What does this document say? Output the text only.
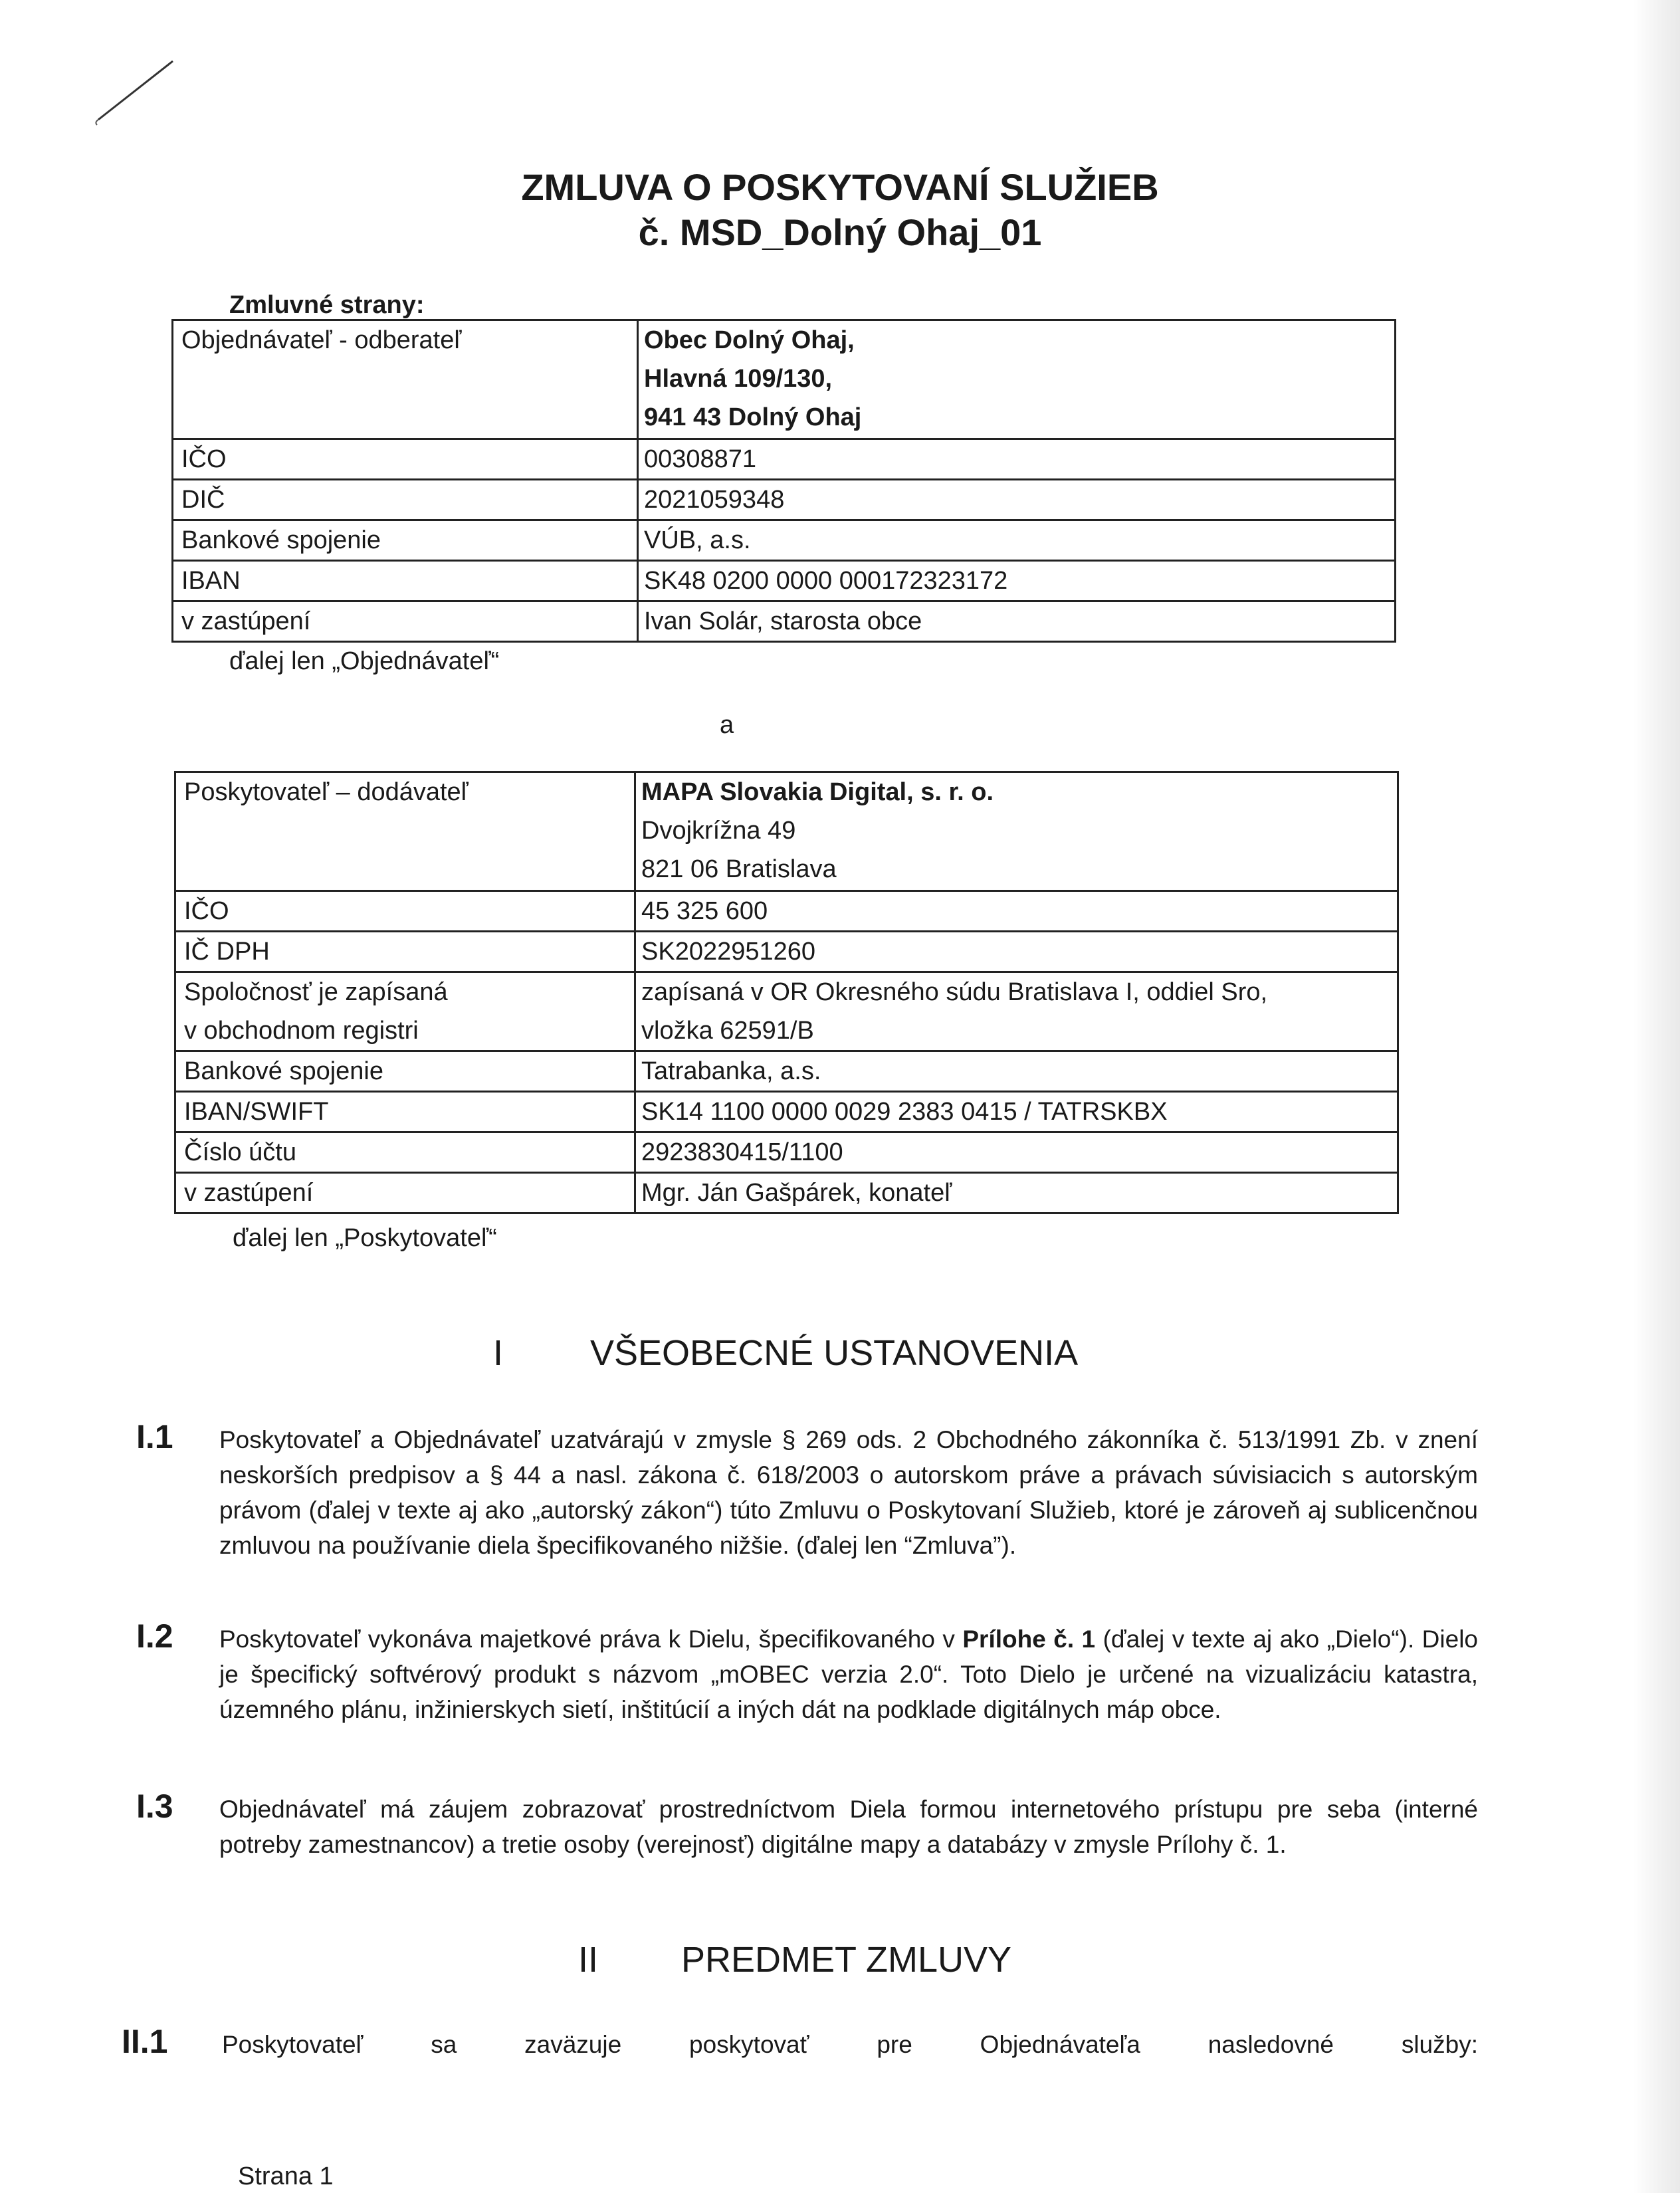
ZMLUVA O POSKYTOVANÍ SLUŽIEB
č. MSD_Dolný Ohaj_01
Zmluvné strany:
Objednávateľ - odberateľ	Obec Dolný Ohaj,
Hlavná 109/130,
941 43 Dolný Ohaj

IČO	00308871
DIČ	2021059348
Bankové spojenie	VÚB, a.s.
IBAN	SK48 0200 0000 000172323172
v zastúpení	Ivan Solár, starosta obce
ďalej len „Objednávateľ“
a
Poskytovateľ – dodávateľ	MAPA Slovakia Digital, s. r. o.
Dvojkrížna 49
821 06 Bratislava

IČO	45 325 600
IČ DPH	SK2022951260

Spoločnosť je zapísaná
v obchodnom registri	zapísaná v OR Okresného súdu Bratislava I, oddiel Sro,
vložka 62591/B

Bankové spojenie	Tatrabanka, a.s.
IBAN/SWIFT	SK14 1100 0000 0029 2383 0415 / TATRSKBX
Číslo účtu	2923830415/1100
v zastúpení	Mgr. Ján Gašpárek, konateľ
ďalej len „Poskytovateľ“
I VŠEOBECNÉ USTANOVENIA
I.1 Poskytovateľ a Objednávateľ uzatvárajú v zmysle § 269 ods. 2 Obchodného zákonníka č. 513/1991 Zb. v znení neskorších predpisov a § 44 a nasl. zákona č. 618/2003 o autorskom práve a právach súvisiacich s autorským právom (ďalej v texte aj ako „autorský zákon“) túto Zmluvu o Poskytovaní Služieb, ktoré je zároveň aj sublicenčnou zmluvou na používanie diela špecifikovaného nižšie. (ďalej len “Zmluva”).
I.2 Poskytovateľ vykonáva majetkové práva k Dielu, špecifikovaného v Prílohe č. 1 (ďalej v texte aj ako „Dielo“). Dielo je špecifický softvérový produkt s názvom „mOBEC verzia 2.0“. Toto Dielo je určené na vizualizáciu katastra, územného plánu, inžinierskych sietí, inštitúcií a iných dát na podklade digitálnych máp obce.
I.3 Objednávateľ má záujem zobrazovať prostredníctvom Diela formou internetového prístupu pre seba (interné potreby zamestnancov) a tretie osoby (verejnosť) digitálne mapy a databázy v zmysle Prílohy č. 1.
II PREDMET ZMLUVY
II.1 Poskytovateľ sa zaväzuje poskytovať pre Objednávateľa nasledovné služby:
Strana 1
